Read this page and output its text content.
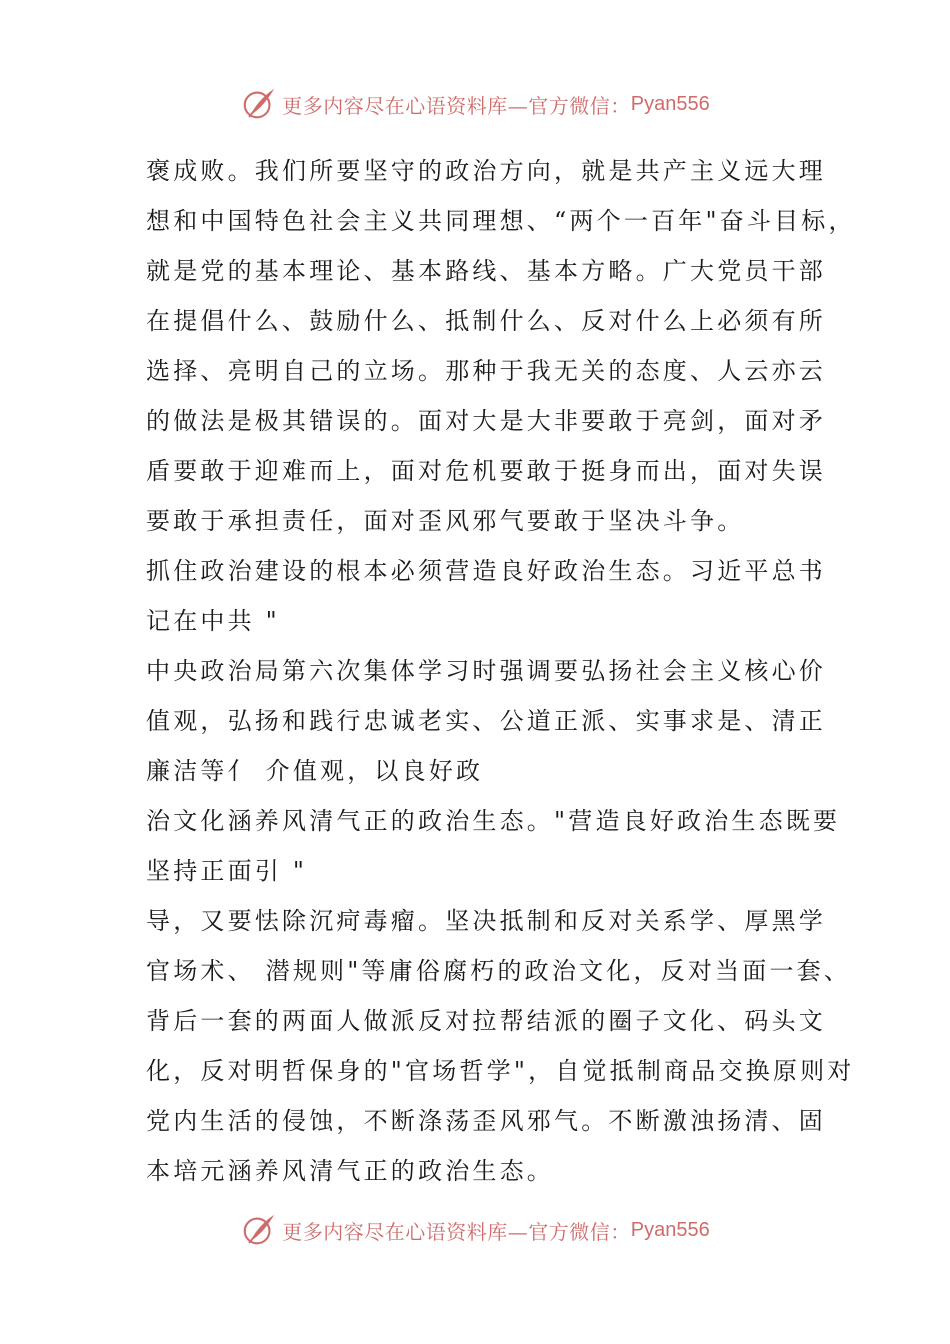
更多内容尽在心语资料库—官方微信： Pyan556
褒成败。我们所要坚守的政治方向，就是共产主义远大理
想和中国特色社会主义共同理想、“两个一百年"奋斗目标，
就是党的基本理论、基本路线、基本方略。广大党员干部
在提倡什么、鼓励什么、抵制什么、反对什么上必须有所
选择、亮明自己的立场。那种于我无关的态度、人云亦云
的做法是极其错误的。面对大是大非要敢于亮剑，面对矛
盾要敢于迎难而上，面对危机要敢于挺身而出，面对失误
要敢于承担责任，面对歪风邪气要敢于坚决斗争。
抓住政治建设的根本必须营造良好政治生态。习近平总书
记在中共 "
中央政治局第六次集体学习时强调要弘扬社会主义核心价
值观，弘扬和践行忠诚老实、公道正派、实事求是、清正
廉洁等亻 介值观，以良好政
治文化涵养风清气正的政治生态。"营造良好政治生态既要
坚持正面引 "
导，又要怯除沉疴毒瘤。坚决抵制和反对关系学、厚黑学
官场术、 潜规则"等庸俗腐朽的政治文化，反对当面一套、
背后一套的两面人做派反对拉帮结派的圈子文化、码头文
化，反对明哲保身的"官场哲学"，自觉抵制商品交换原则对
党内生活的侵蚀，不断涤荡歪风邪气。不断激浊扬清、固
本培元涵养风清气正的政治生态。
更多内容尽在心语资料库—官方微信： Pyan556
